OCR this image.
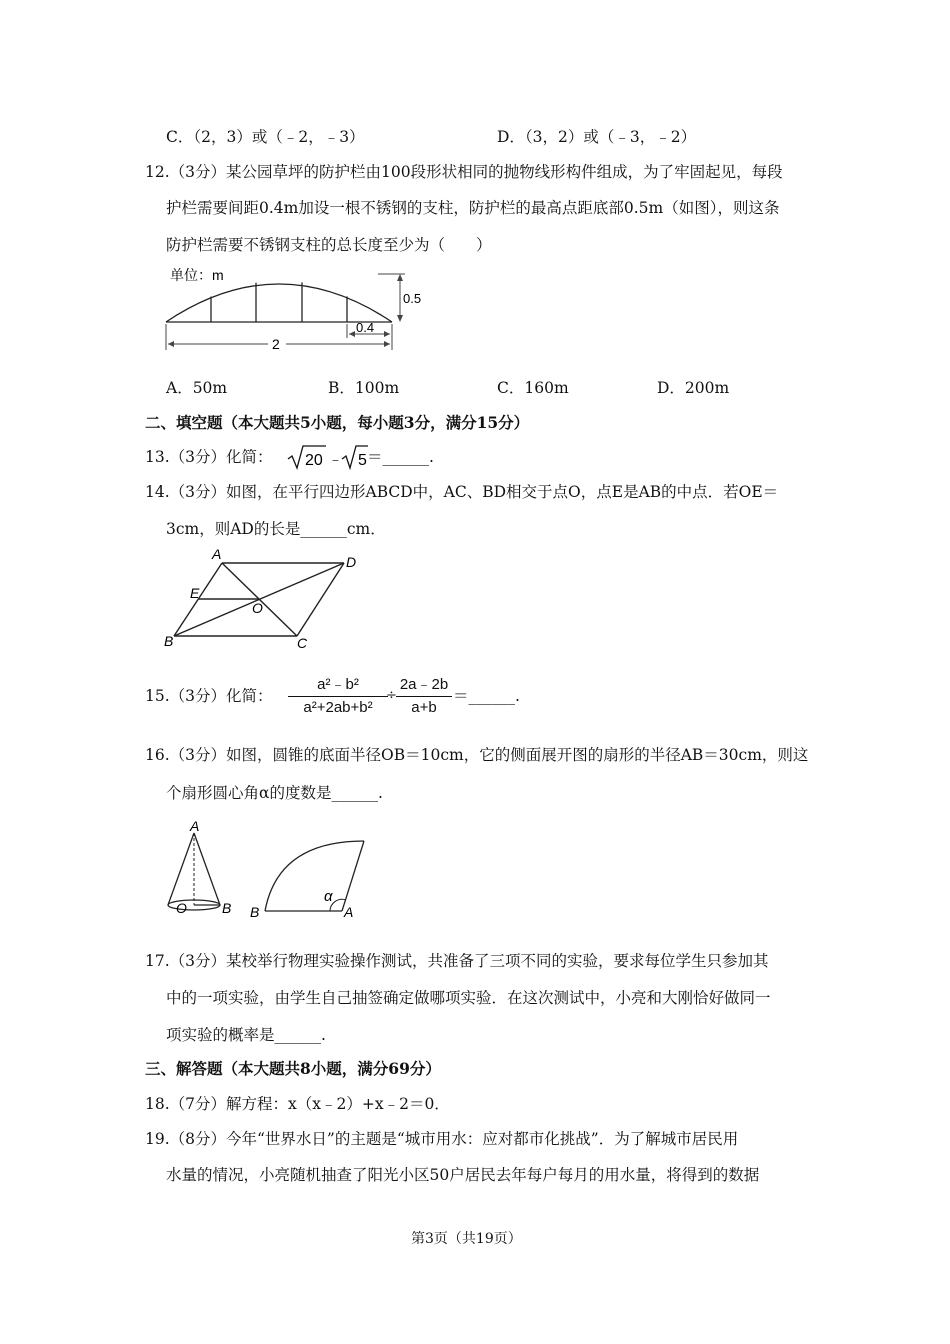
C．（2，3）或（﹣2，﹣3）	D．（3，2）或（﹣3，﹣2）
12.（3分）某公园草坪的防护栏由100段形状相同的抛物线形构件组成，为了牢固起见，每段
护栏需要间距0.4m加设一根不锈钢的支柱，防护栏的最高点距底部0.5m（如图），则这条
防护栏需要不锈钢支柱的总长度至少为（　　）
单位：m
0.5
0.4
2
A．50m	B．100m	C．160m	D．200m
二、填空题（本大题共5小题，每小题3分，满分15分）
13.（3分）化简： 20 ﹣ 5 ＝______.
14.（3分）如图，在平行四边形ABCD中，AC、BD相交于点O，点E是AB的中点．若OE＝
3cm，则AD的长是______cm．
A	D
E
O
B	C
15.（3分）化简： $\frac{\text{a²﹣b²}}{\text{a²+2ab+b²}}$
÷ $\frac{2a﹣2b}{a+b}$ ＝______.
16.（3分）如图，圆锥的底面半径OB＝10cm，它的侧面展开图的扇形的半径AB＝30cm，则这
个扇形圆心角α的度数是______.
A
O	B B
α
A
17.（3分）某校举行物理实验操作测试，共准备了三项不同的实验，要求每位学生只参加其
中的一项实验，由学生自己抽签确定做哪项实验．在这次测试中，小亮和大刚恰好做同一
项实验的概率是______.
三、解答题（本大题共8小题，满分69分）
18.（7分）解方程：x（x﹣2）+x﹣2＝0．
19.（8分）今年“世界水日”的主题是“城市用水：应对都市化挑战”．为了解城市居民用
水量的情况，小亮随机抽查了阳光小区50户居民去年每户每月的用水量，将得到的数据
第3页（共19页）
